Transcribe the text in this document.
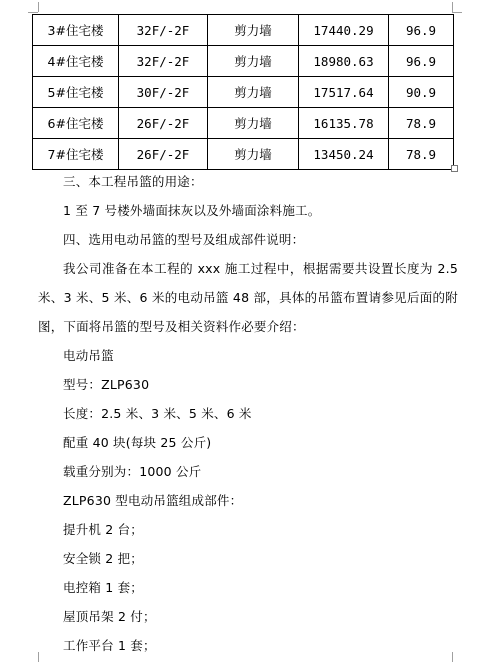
3#住宅楼	32F/-2F	剪力墙	17440.29	96.9
4#住宅楼	32F/-2F	剪力墙	18980.63	96.9
5#住宅楼	30F/-2F	剪力墙	17517.64	90.9
6#住宅楼	26F/-2F	剪力墙	16135.78	78.9
7#住宅楼	26F/-2F	剪力墙	13450.24	78.9
三、本工程吊篮的用途：
1 至 7 号楼外墙面抹灰以及外墙面涂料施工。
四、选用电动吊篮的型号及组成部件说明：
我公司准备在本工程的 xxx 施工过程中，根据需要共设置长度为 2.5
米、3 米、5 米、6 米的电动吊篮 48 部，具体的吊篮布置请参见后面的附
图，下面将吊篮的型号及相关资料作必要介绍：
电动吊篮
型号：ZLP630
长度：2.5 米、3 米、5 米、6 米
配重 40 块(每块 25 公斤)
载重分别为：1000 公斤
ZLP630 型电动吊篮组成部件：
提升机 2 台；
安全锁 2 把；
电控箱 1 套；
屋顶吊架 2 付；
工作平台 1 套；
